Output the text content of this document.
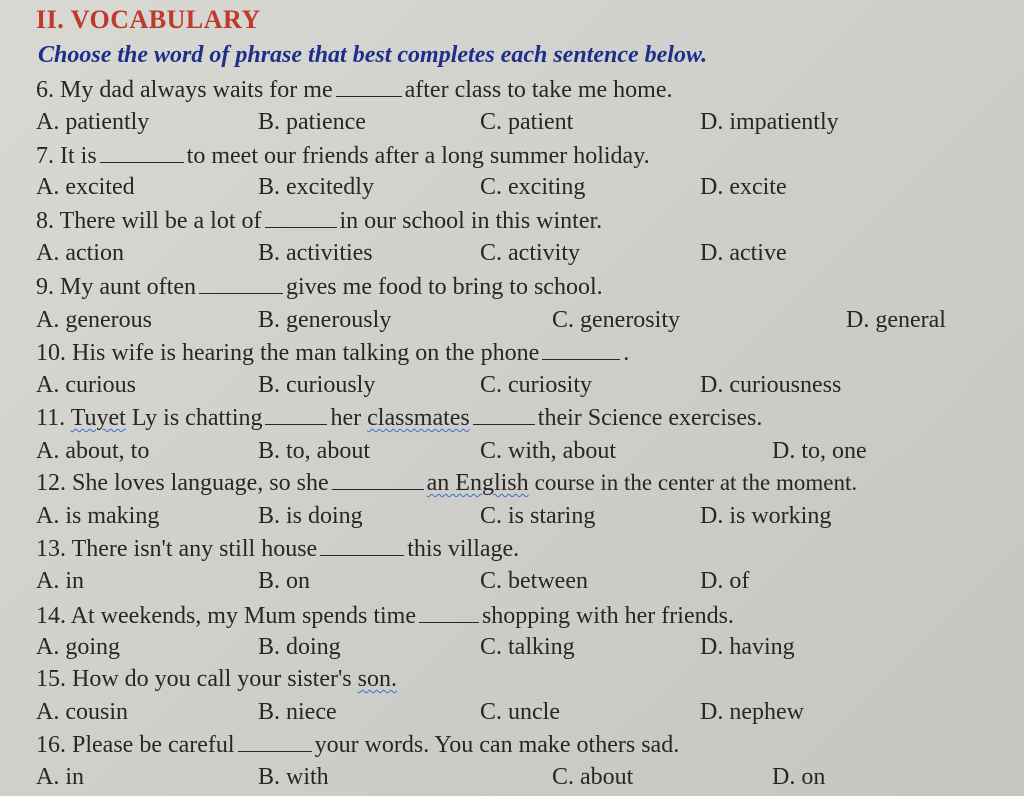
II. VOCABULARY
Choose the word of phrase that best completes each sentence below.
6. My dad always waits for me	after class to take me home.
A. patiently	B. patience	C. patient	D. impatiently
7. It is	to meet our friends after a long summer holiday.
A. excited	B. excitedly	C. exciting	D. excite
8. There will be a lot of	in our school in this winter.
A. action	B. activities	C. activity	D. active
9. My aunt often	gives me food to bring to school.
A. generous	B. generously	C. generosity	D. general
10. His wife is hearing the man talking on the phone	.
A. curious	B. curiously	C. curiosity	D. curiousness
11. Tuyet Ly is chatting	her classmates	their Science exercises.
A. about, to	B. to, about	C. with, about	D. to, one
12. She loves language, so she	an English course in the center at the moment.
A. is making	B. is doing	C. is staring	D. is working
13. There isn't any still house	this village.
A. in	B. on	C. between	D. of
14. At weekends, my Mum spends time	shopping with her friends.
A. going	B. doing	C. talking	D. having
15. How do you call your sister's son.
A. cousin	B. niece	C. uncle	D. nephew
16. Please be careful	your words. You can make others sad.
A. in	B. with	C. about	D. on
